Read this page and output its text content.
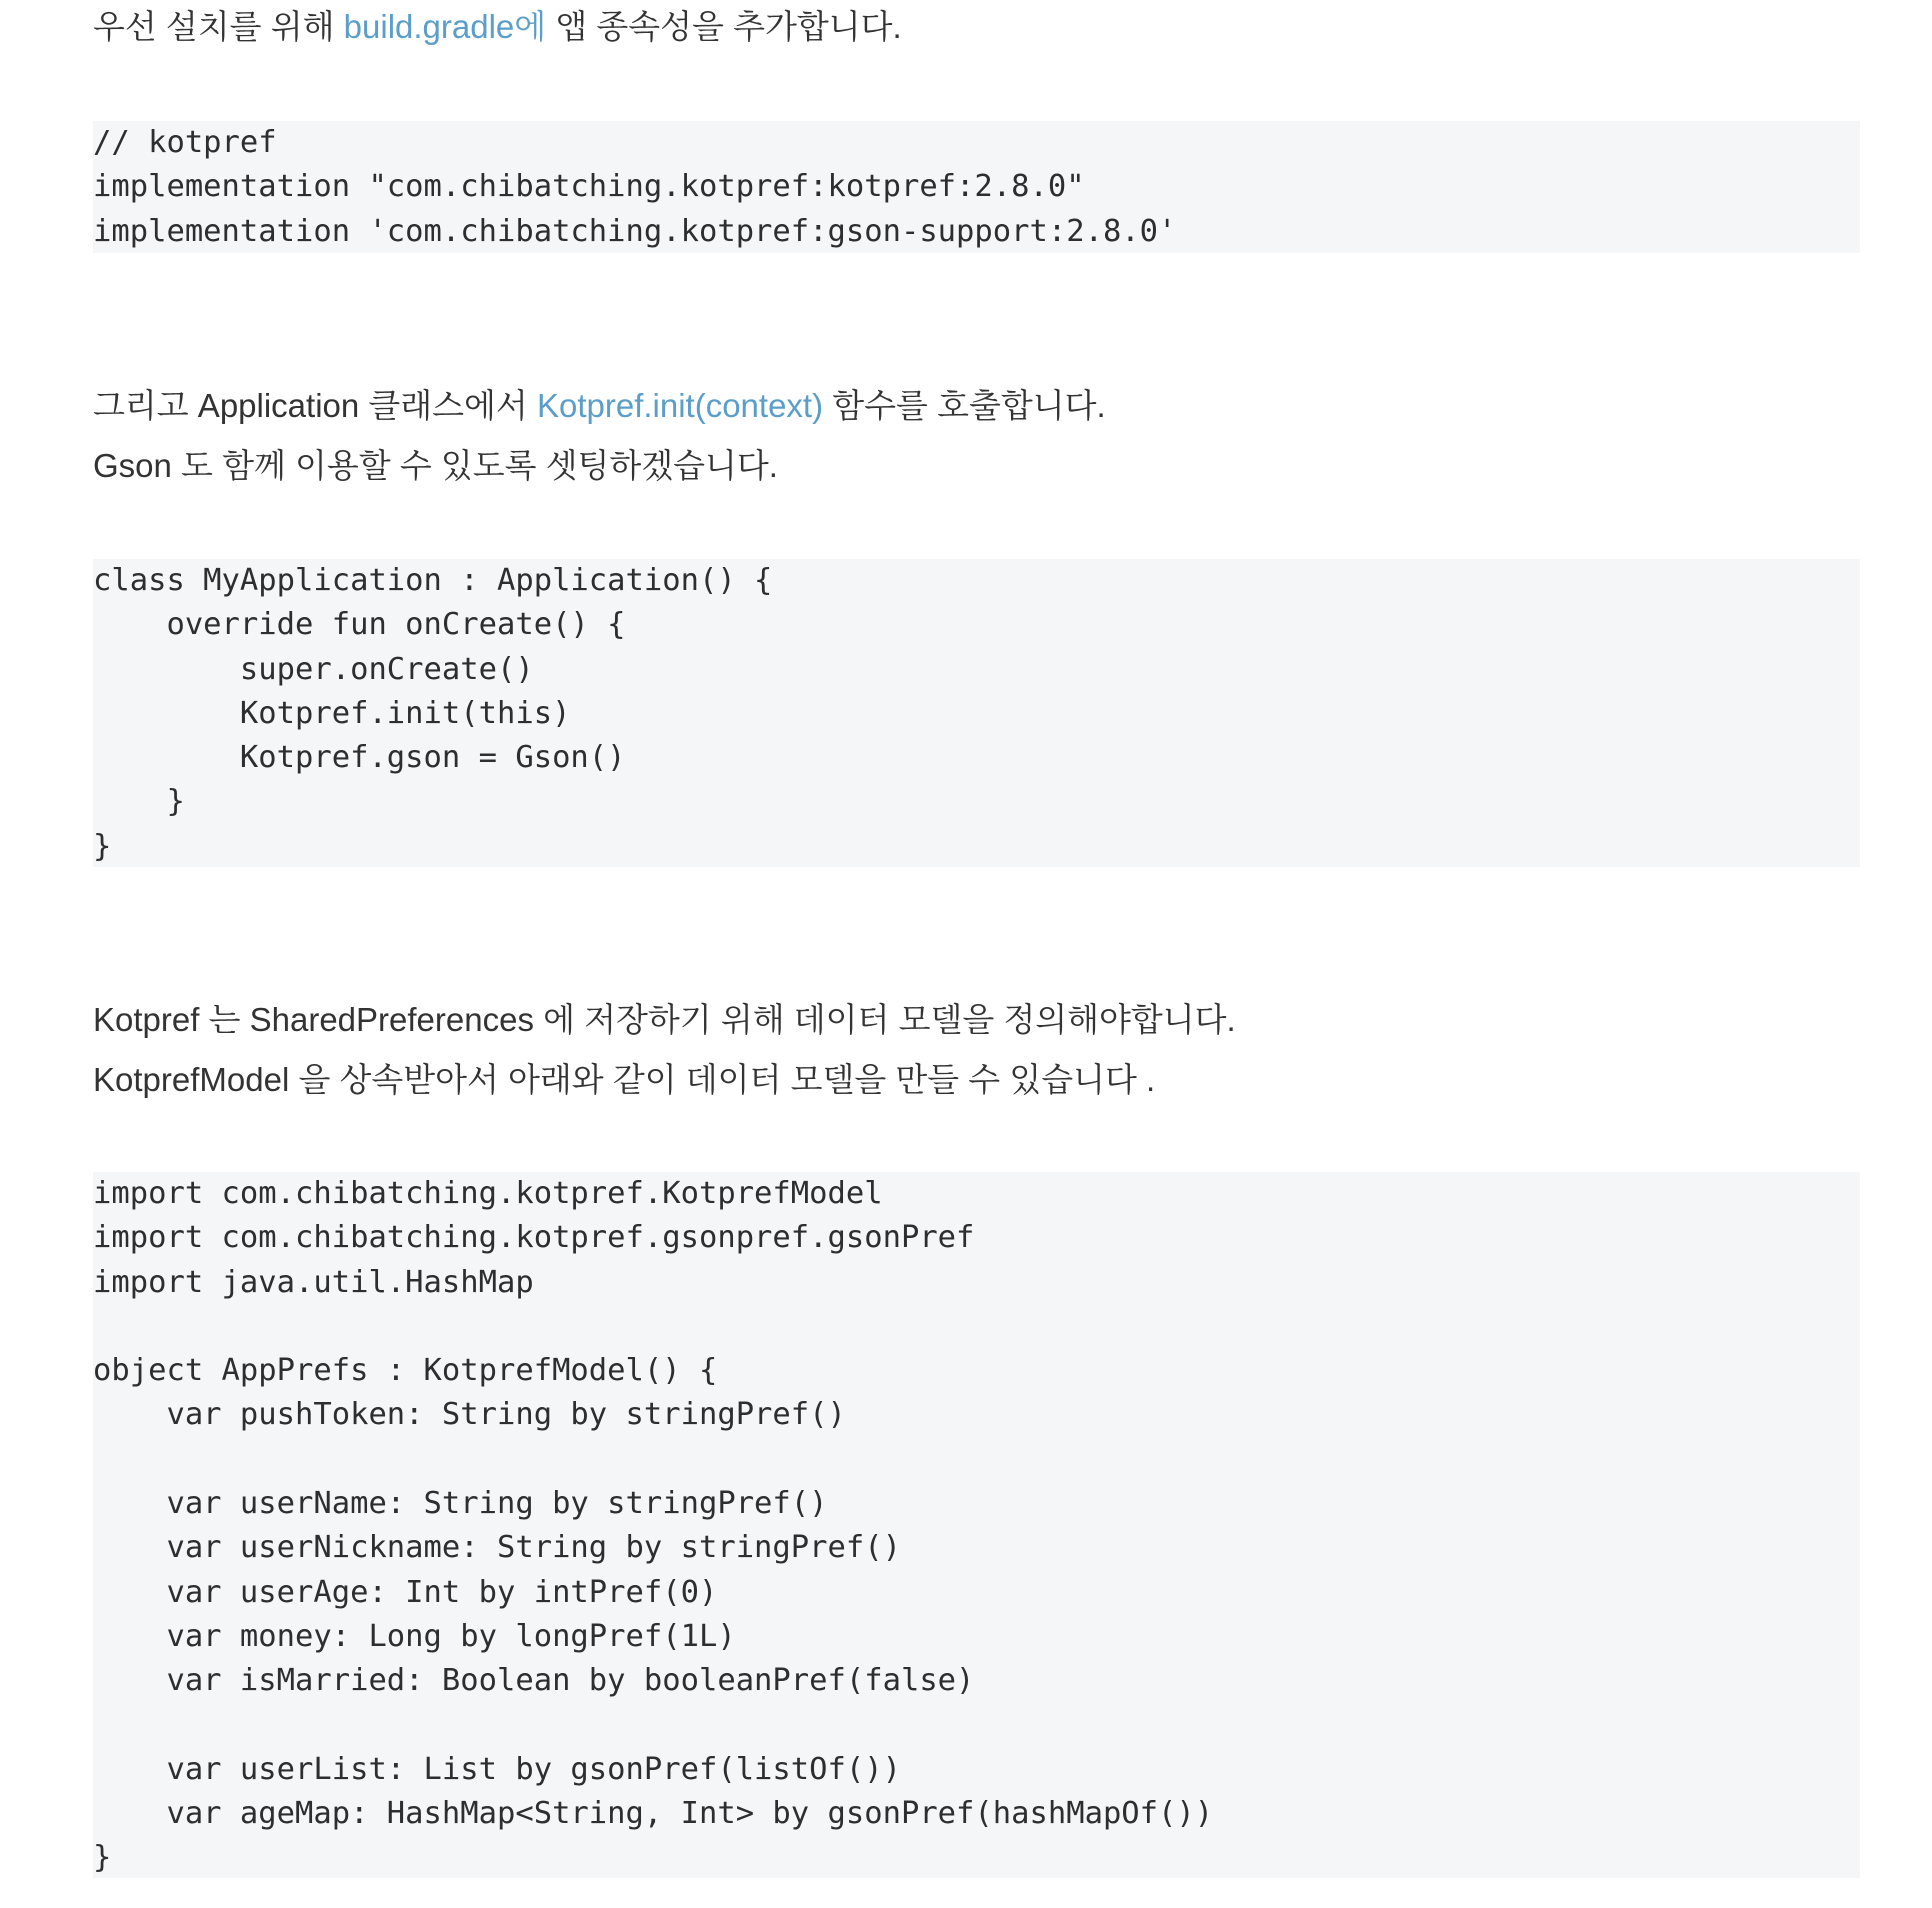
우선 설치를 위해 build.gradle에 앱 종속성을 추가합니다.

// kotpref
implementation "com.chibatching.kotpref:kotpref:2.8.0"
implementation 'com.chibatching.kotpref:gson-support:2.8.0'

그리고 Application 클래스에서 Kotpref.init(context) 함수를 호출합니다.

Gson 도 함께 이용할 수 있도록 셋팅하겠습니다.

class MyApplication : Application() {
override fun onCreate() {
super.onCreate()
Kotpref.init(this)
Kotpref.gson = Gson()
}
}

Kotpref 는 SharedPreferences 에 저장하기 위해 데이터 모델을 정의해야합니다.

KotprefModel 을 상속받아서 아래와 같이 데이터 모델을 만들 수 있습니다 .

import com.chibatching.kotpref.KotprefModel
import com.chibatching.kotpref.gsonpref.gsonPref
import java.util.HashMap

object AppPrefs : KotprefModel() {
var pushToken: String by stringPref()

var userName: String by stringPref()
var userNickname: String by stringPref()
var userAge: Int by intPref(0)
var money: Long by longPref(1L)
var isMarried: Boolean by booleanPref(false)

var userList: List by gsonPref(listOf())
var ageMap: HashMap<String, Int> by gsonPref(hashMapOf())
}
